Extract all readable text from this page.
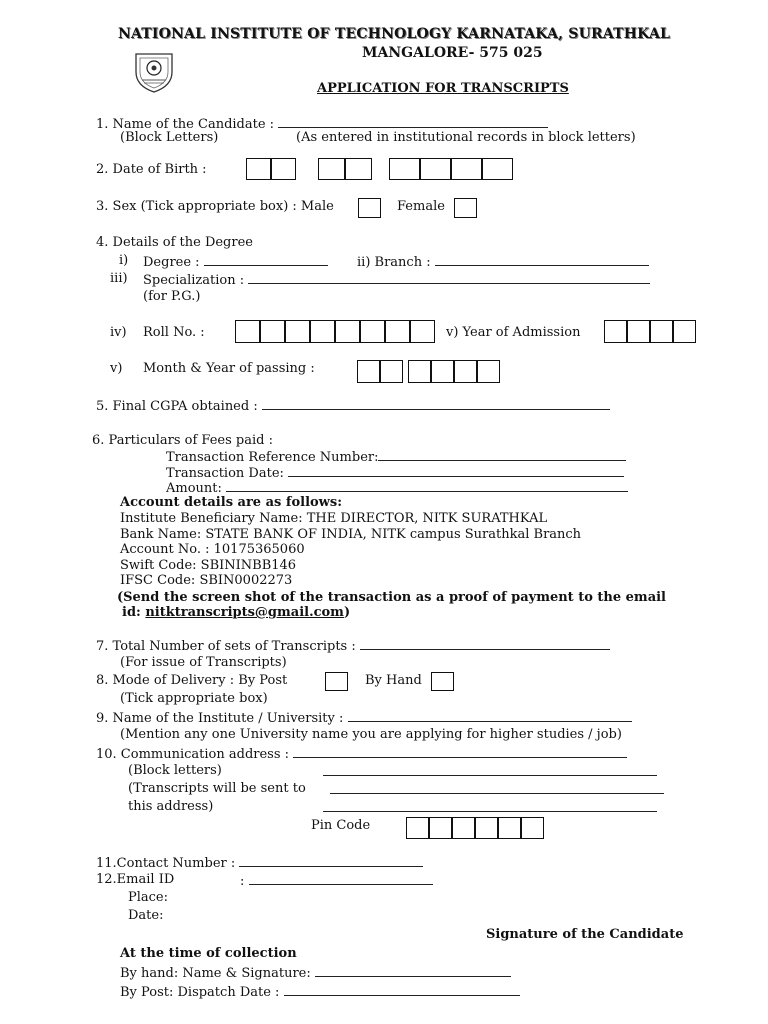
NATIONAL INSTITUTE OF TECHNOLOGY KARNATAKA, SURATHKAL
MANGALORE- 575 025
APPLICATION FOR TRANSCRIPTS
1. Name of the Candidate :
(Block Letters)	(As entered in institutional records in block letters)
2. Date of Birth :
3. Sex (Tick appropriate box) : Male	Female
4. Details of the Degree
i) Degree :	ii) Branch :
iii) Specialization :
(for P.G.)
iv) Roll No. :	v) Year of Admission
v) Month & Year of passing :
5. Final CGPA obtained :
6. Particulars of Fees paid :
Transaction Reference Number:
Transaction Date:
Amount:
Account details are as follows:
Institute Beneficiary Name: THE DIRECTOR, NITK SURATHKAL
Bank Name: STATE BANK OF INDIA, NITK campus Surathkal Branch
Account No. : 10175365060
Swift Code: SBININBB146
IFSC Code: SBIN0002273
(Send the screen shot of the transaction as a proof of payment to the email
id: nitktranscripts@gmail.com)
7. Total Number of sets of Transcripts :
(For issue of Transcripts)
8. Mode of Delivery : By Post	By Hand
(Tick appropriate box)
9. Name of the Institute / University :
(Mention any one University name you are applying for higher studies / job)
10. Communication address :
(Block letters)
(Transcripts will be sent to
this address)
Pin Code
11.Contact Number :
12.Email ID	:
Place:
Date:
Signature of the Candidate
At the time of collection
By hand: Name & Signature:
By Post: Dispatch Date :
